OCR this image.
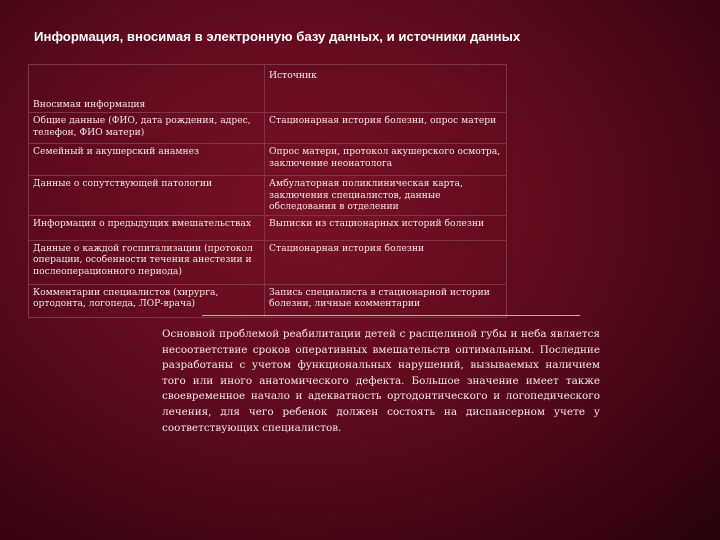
Информация, вносимая в электронную базу данных, и источники данных
Вносимая информация	Источник
Общие данные (ФИО, дата рождения, адрес, телефон, ФИО матери)	Стационарная история болезни, опрос матери
Семейный и акушерский анамнез	Опрос матери, протокол акушерского осмотра, заключение неонатолога
Данные о сопутствующей патологии	Амбулаторная поликлиническая карта, заключения специалистов, данные обследования в отделении
Информация о предыдущих вмешательствах	Выписки из стационарных историй болезни
Данные о каждой госпитализации (протокол операции, особенности течения анестезии и послеоперационного периода)	Стационарная история болезни
Комментарии специалистов (хирурга, ортодонта, логопеда, ЛОР-врача)	Запись специалиста в стационарной истории болезни, личные комментарии

Основной проблемой реабилитации детей с расщелиной губы и неба является несоответствие сроков оперативных вмешательств оптимальным. Последние разработаны с учетом функциональных нарушений, вызываемых наличием того или иного анатомического дефекта. Большое значение имеет также своевременное начало и адекватность ортодонтического и логопедического лечения, для чего ребенок должен состоять на диспансерном учете у соответствующих специалистов.
